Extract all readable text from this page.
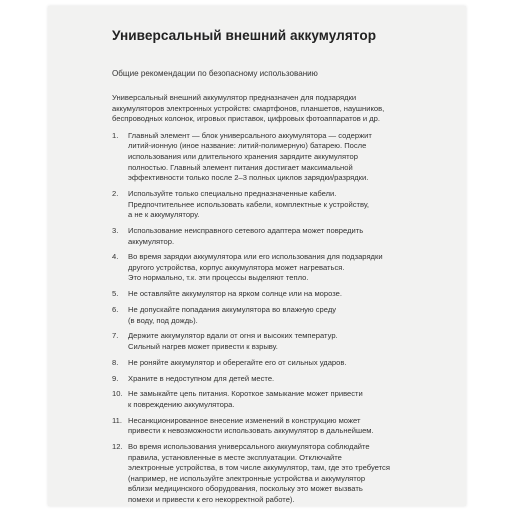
Универсальный внешний аккумулятор

Общие рекомендации по безопасному использованию

Универсальный внешний аккумулятор предназначен для подзарядки
аккумуляторов электронных устройств: смартфонов, планшетов, наушников,
беспроводных колонок, игровых приставок, цифровых фотоаппаратов и др.
1. Главный элемент — блок универсального аккумулятора — содержит
литий-ионную (иное название: литий-полимерную) батарею. После
использования или длительного хранения зарядите аккумулятор
полностью. Главный элемент питания достигает максимальной
эффективности только после 2–3 полных циклов зарядки/разрядки.
2. Используйте только специально предназначенные кабели.
Предпочтительнее использовать кабели, комплектные к устройству,
а не к аккумулятору.
3. Использование неисправного сетевого адаптера может повредить
аккумулятор.
4. Во время зарядки аккумулятора или его использования для подзарядки
другого устройства, корпус аккумулятора может нагреваться.
Это нормально, т.к. эти процессы выделяют тепло.
5. Не оставляйте аккумулятор на ярком солнце или на морозе.
6. Не допускайте попадания аккумулятора во влажную среду
(в воду, под дождь).
7. Держите аккумулятор вдали от огня и высоких температур.
Сильный нагрев может привести к взрыву.
8. Не роняйте аккумулятор и оберегайте его от сильных ударов.
9. Храните в недоступном для детей месте.
10. Не замыкайте цепь питания. Короткое замыкание может привести
к повреждению аккумулятора.
11. Несанкционированное внесение изменений в конструкцию может
привести к невозможности использовать аккумулятор в дальнейшем.
12. Во время использования универсального аккумулятора соблюдайте
правила, установленные в месте эксплуатации. Отключайте
электронные устройства, в том числе аккумулятор, там, где это требуется
(например, не используйте электронные устройства и аккумулятор
вблизи медицинского оборудования, поскольку это может вызвать
помехи и привести к его некорректной работе).
